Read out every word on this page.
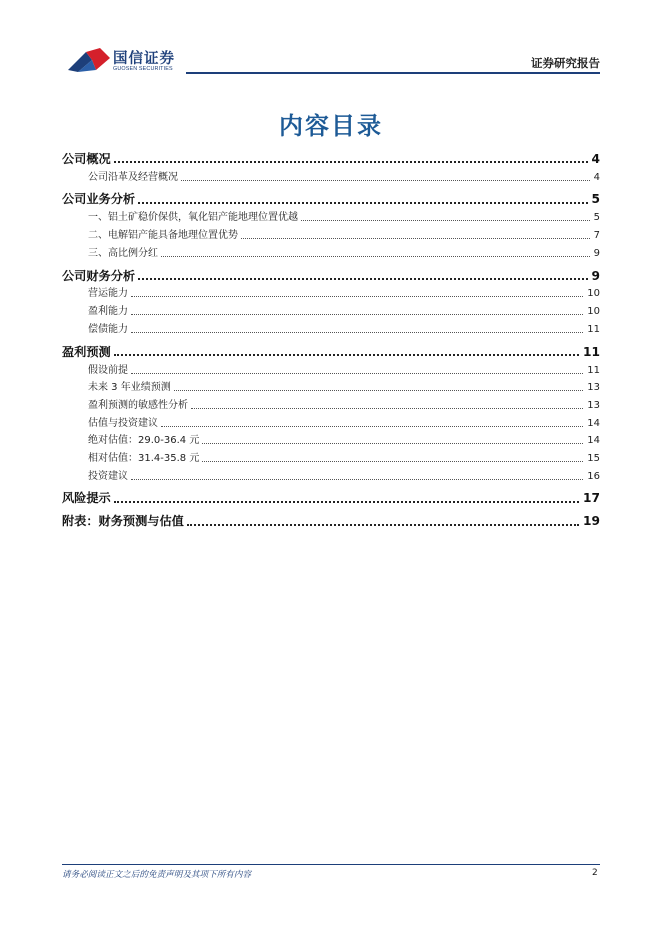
国信证券
GUOSEN SECURITIES	证券研究报告
内容目录
公司概况	4
公司沿革及经营概况	4
公司业务分析	5
一、铝土矿稳价保供，氧化铝产能地理位置优越	5
二、电解铝产能具备地理位置优势	7
三、高比例分红	9
公司财务分析	9
营运能力	10
盈利能力	10
偿债能力	11
盈利预测	11
假设前提	11
未来 3 年业绩预测	13
盈利预测的敏感性分析	13
估值与投资建议	14
绝对估值：29.0-36.4 元	14
相对估值：31.4-35.8 元	15
投资建议	16
风险提示	17
附表：财务预测与估值	19
请务必阅读正文之后的免责声明及其项下所有内容	2
